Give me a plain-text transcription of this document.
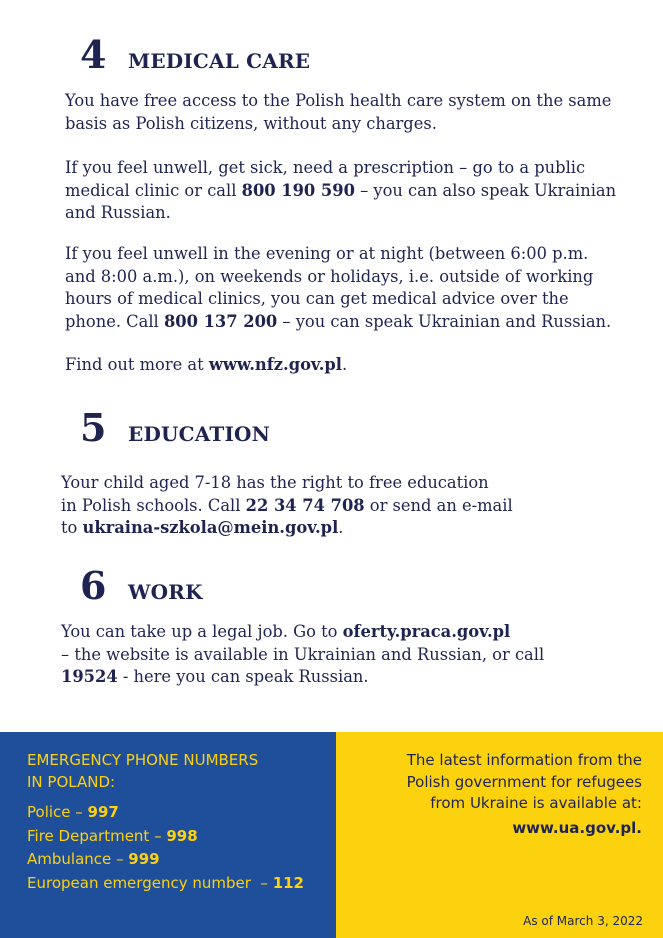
4	MEDICAL CARE

You have free access to the Polish health care system on the same

basis as Polish citizens, without any charges.

If you feel unwell, get sick, need a prescription – go to a public

medical clinic or call 800 190 590 – you can also speak Ukrainian

and Russian.

If you feel unwell in the evening or at night (between 6:00 p.m.

and 8:00 a.m.), on weekends or holidays, i.e. outside of working

hours of medical clinics, you can get medical advice over the

phone. Call 800 137 200 – you can speak Ukrainian and Russian.

Find out more at www.nfz.gov.pl.

5	EDUCATION

Your child aged 7-18 has the right to free education

in Polish schools. Call 22 34 74 708 or send an e-mail

to ukraina-szkola@mein.gov.pl.

6	WORK

You can take up a legal job. Go to oferty.praca.gov.pl

– the website is available in Ukrainian and Russian, or call

19524 - here you can speak Russian.

EMERGENCY PHONE NUMBERS

IN POLAND:

Police – 997

Fire Department – 998

Ambulance – 999

European emergency number  – 112

The latest information from the

Polish government for refugees

from Ukraine is available at:

www.ua.gov.pl.

As of March 3, 2022
